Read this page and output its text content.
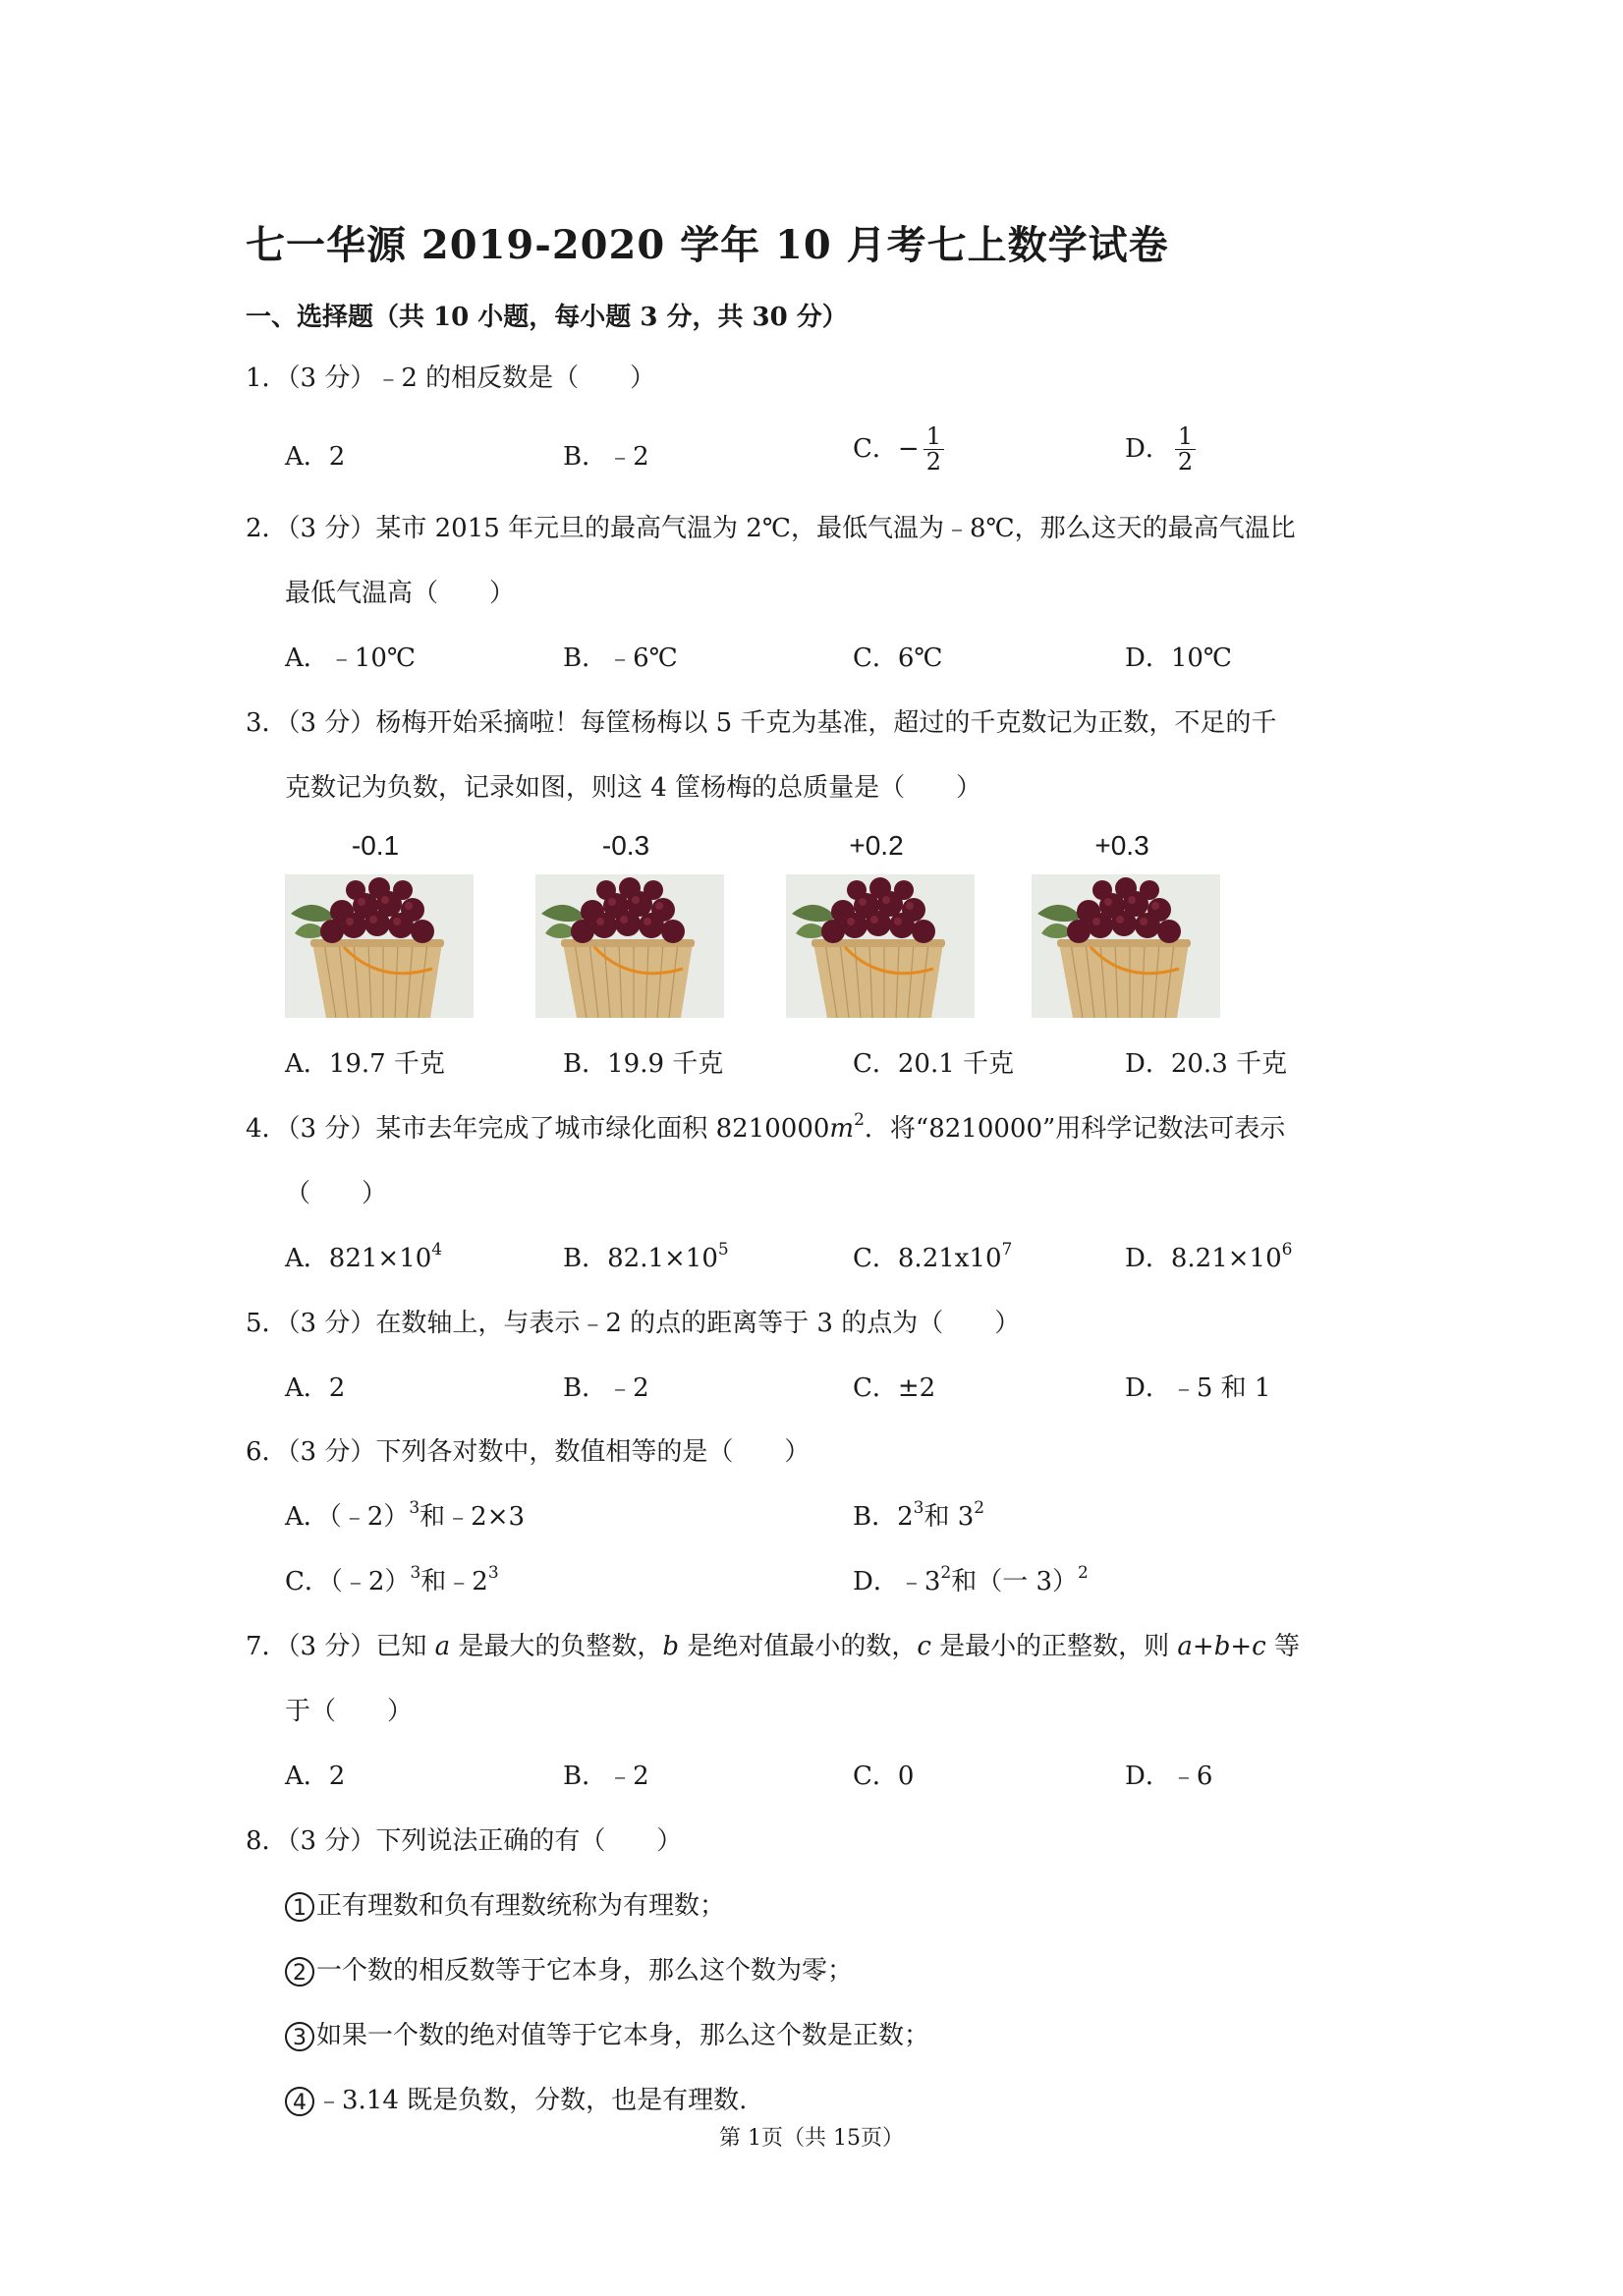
七一华源 2019-2020 学年 10 月考七上数学试卷
一、选择题（共 10 小题，每小题 3 分，共 30 分）
1．（3 分）﹣2 的相反数是（　　）
A．2	B．﹣2	C．− $\frac{1}{2}$	D． $\frac{1}{2}$
2．（3 分）某市 2015 年元旦的最高气温为 2℃，最低气温为﹣8℃，那么这天的最高气温比
最低气温高（　　）
A．﹣10℃	B．﹣6℃	C．6℃	D．10℃
3．（3 分）杨梅开始采摘啦！每筐杨梅以 5 千克为基准，超过的千克数记为正数，不足的千
克数记为负数，记录如图，则这 4 筐杨梅的总质量是（　　）
-0.1	-0.3	+0.2	+0.3
A．19.7 千克	B．19.9 千克	C．20.1 千克	D．20.3 千克
4．（3 分）某市去年完成了城市绿化面积 $8210000m^2$．将“8210000”用科学记数法可表示
（　　）
A．$821\times 10^4$	B．$82.1\times 10^5$	C．$8.21x10^7$	D．$8.21\times 10^6$
5．（3 分）在数轴上，与表示﹣2 的点的距离等于 3 的点为（　　）
A．2	B．﹣2	C．±2	D．﹣5 和 1
6．（3 分）下列各对数中，数值相等的是（　　）
A．（﹣2）$^3$和﹣2×3	B．$2^3$和 $3^2$
C．（﹣2）$^3$和$﹣2^3$	D．$﹣3^2$和（一 3）$^2$
7．（3 分）已知 a 是最大的负整数，b 是绝对值最小的数，c 是最小的正整数，则 a+b+c 等
于（　　）
A．2	B．﹣2	C．0	D．﹣6
8．（3 分）下列说法正确的有（　　）
1 正有理数和负有理数统称为有理数；
2 一个数的相反数等于它本身，那么这个数为零；
3 如果一个数的绝对值等于它本身，那么这个数是正数；
4 ﹣3.14 既是负数，分数，也是有理数.
第 1页（共 15页）
